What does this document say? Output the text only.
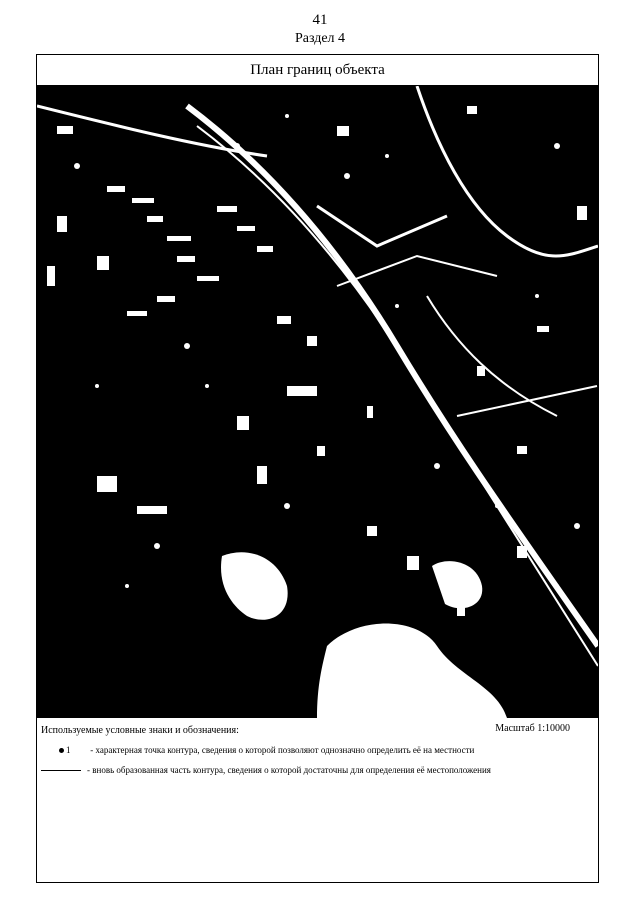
41
Раздел 4
План границ объекта
Используемые условные знаки и обозначения:	Масштаб 1:10000
1 - характерная точка контура, сведения о которой позволяют однозначно определить её на местности
- вновь образованная часть контура, сведения о которой достаточны для определения её местоположения
